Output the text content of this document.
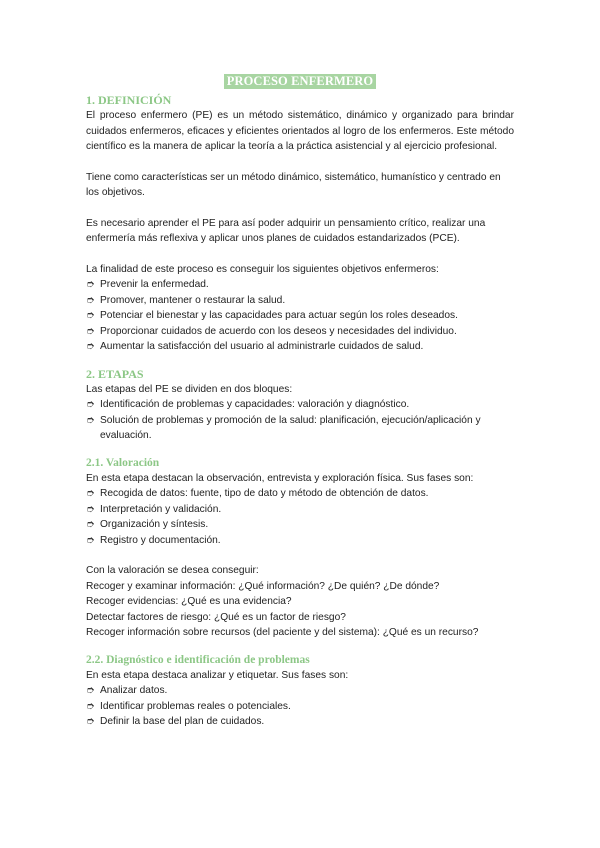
PROCESO ENFERMERO
1. DEFINICIÓN

El proceso enfermero (PE) es un método sistemático, dinámico y organizado para brindar cuidados enfermeros, eficaces y eficientes orientados al logro de los enfermeros. Este método científico es la manera de aplicar la teoría a la práctica asistencial y al ejercicio profesional.

Tiene como características ser un método dinámico, sistemático, humanístico y centrado en los objetivos.

Es necesario aprender el PE para así poder adquirir un pensamiento crítico, realizar una enfermería más reflexiva y aplicar unos planes de cuidados estandarizados (PCE).

La finalidad de este proceso es conseguir los siguientes objetivos enfermeros:

➮ Prevenir la enfermedad.
➮ Promover, mantener o restaurar la salud.
➮ Potenciar el bienestar y las capacidades para actuar según los roles deseados.
➮ Proporcionar cuidados de acuerdo con los deseos y necesidades del individuo.
➮ Aumentar la satisfacción del usuario al administrarle cuidados de salud.
2. ETAPAS

Las etapas del PE se dividen en dos bloques:

➮ Identificación de problemas y capacidades: valoración y diagnóstico.
➮ Solución de problemas y promoción de la salud: planificación, ejecución/aplicación y evaluación.
2.1. Valoración

En esta etapa destacan la observación, entrevista y exploración física. Sus fases son:

➮ Recogida de datos: fuente, tipo de dato y método de obtención de datos.
➮ Interpretación y validación.
➮ Organización y síntesis.
➮ Registro y documentación.

Con la valoración se desea conseguir:

Recoger y examinar información: ¿Qué información? ¿De quién? ¿De dónde?

Recoger evidencias: ¿Qué es una evidencia?

Detectar factores de riesgo: ¿Qué es un factor de riesgo?

Recoger información sobre recursos (del paciente y del sistema): ¿Qué es un recurso?

2.2. Diagnóstico e identificación de problemas

En esta etapa destaca analizar y etiquetar. Sus fases son:

➮ Analizar datos.
➮ Identificar problemas reales o potenciales.
➮ Definir la base del plan de cuidados.
